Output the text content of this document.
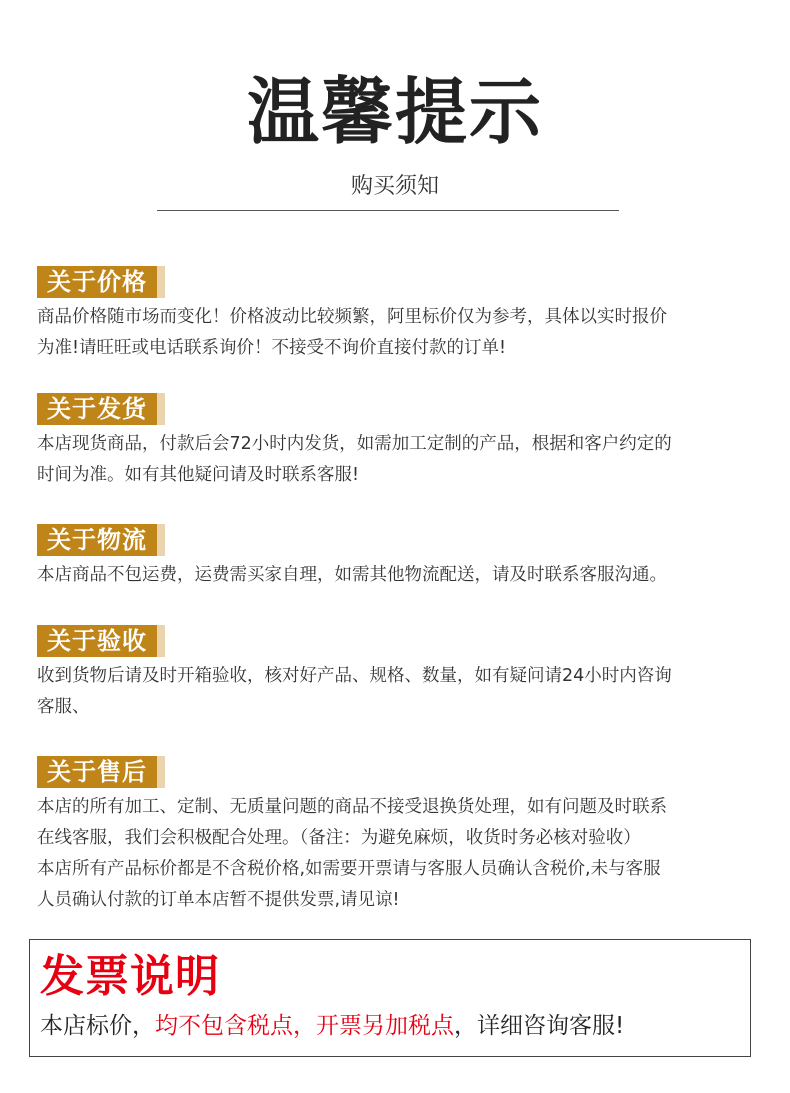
温馨提示
购买须知
关于价格

商品价格随市场而变化！价格波动比较频繁，阿里标价仅为参考，具体以实时报价

为准!请旺旺或电话联系询价！不接受不询价直接付款的订单!

关于发货

本店现货商品，付款后会72小时内发货，如需加工定制的产品，根据和客户约定的

时间为准。如有其他疑问请及时联系客服!

关于物流

本店商品不包运费，运费需买家自理，如需其他物流配送，请及时联系客服沟通。

关于验收

收到货物后请及时开箱验收，核对好产品、规格、数量，如有疑问请24小时内咨询

客服、

关于售后

本店的所有加工、定制、无质量问题的商品不接受退换货处理，如有问题及时联系

在线客服，我们会积极配合处理。（备注：为避免麻烦，收货时务必核对验收）

本店所有产品标价都是不含税价格,如需要开票请与客服人员确认含税价,未与客服

人员确认付款的订单本店暂不提供发票,请见谅!

发票说明
本店标价，均不包含税点，开票另加税点，详细咨询客服!
